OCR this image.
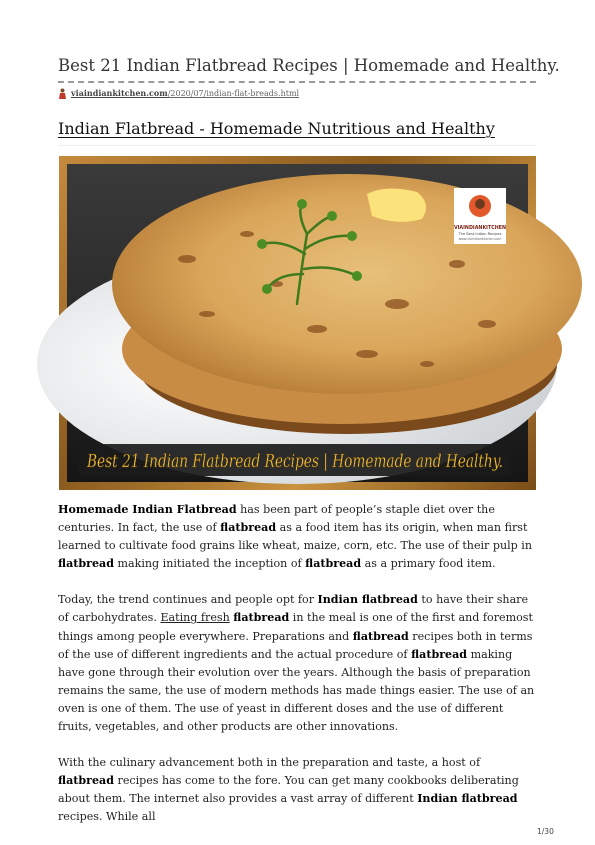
Best 21 Indian Flatbread Recipes | Homemade and Healthy.
viaindiankitchen.com /2020/07/indian-flat-breads.html
Indian Flatbread - Homemade Nutritious and Healthy
VIAINDIANKITCHEN
The Best Indian Recipes
www.viaindiankitchen.com
Best 21 Indian Flatbread Recipes | Homemade and Healthy.

Homemade Indian Flatbread has been part of people’s staple diet over the centuries. In fact, the use of flatbread as a food item has its origin, when man first learned to cultivate food grains like wheat, maize, corn, etc. The use of their pulp in flatbread making initiated the inception of flatbread as a primary food item.

Today, the trend continues and people opt for Indian flatbread to have their share of carbohydrates. Eating fresh flatbread in the meal is one of the first and foremost things among people everywhere. Preparations and flatbread recipes both in terms of the use of different ingredients and the actual procedure of flatbread making have gone through their evolution over the years. Although the basis of preparation remains the same, the use of modern methods has made things easier. The use of an oven is one of them. The use of yeast in different doses and the use of different fruits, vegetables, and other products are other innovations.

With the culinary advancement both in the preparation and taste, a host of flatbread recipes has come to the fore. You can get many cookbooks deliberating about them. The internet also provides a vast array of different Indian flatbread recipes. While all

1/30
